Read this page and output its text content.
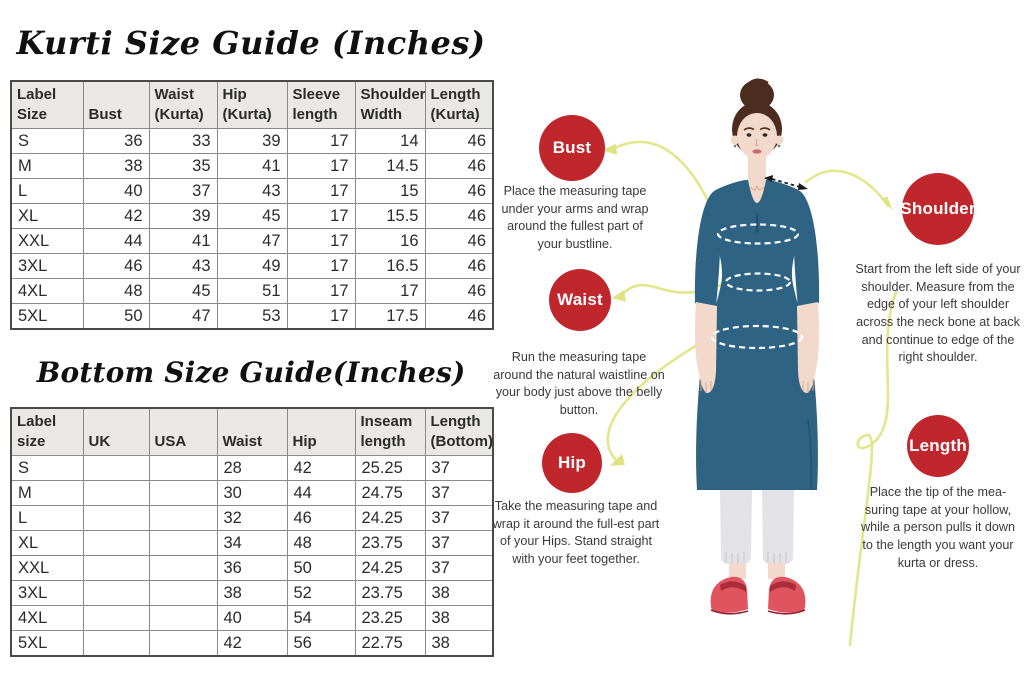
Kurti Size Guide (Inches)
Bottom Size Guide(Inches)
Label Size	Bust	Waist (Kurta)	Hip (Kurta)	Sleeve length	Shoulder Width	Length (Kurta)
S	36	33	39	17	14	46
M	38	35	41	17	14.5	46
L	40	37	43	17	15	46
XL	42	39	45	17	15.5	46
XXL	44	41	47	17	16	46
3XL	46	43	49	17	16.5	46
4XL	48	45	51	17	17	46
5XL	50	47	53	17	17.5	46
Label size	UK	USA	Waist	Hip	Inseam length	Length (Bottom)
S			28	42	25.25	37
M			30	44	24.75	37
L			32	46	24.25	37
XL			34	48	23.75	37
XXL			36	50	24.25	37
3XL			38	52	23.75	38
4XL			40	54	23.25	38
5XL			42	56	22.75	38
Bust
Waist
Hip
Shoulder
Length
Place the measuring tape under your arms and wrap around the fullest part of your bustline.
Run the measuring tape around the natural waistline on your body just above the belly button.
Take the measuring tape and wrap it around the full-est part of your Hips. Stand straight with your feet together.
Start from the left side of your shoulder. Measure from the edge of your left shoulder across the neck bone at back and continue to edge of the right shoulder.
Place the tip of the mea-suring tape at your hollow, while a person pulls it down to the length you want your kurta or dress.
